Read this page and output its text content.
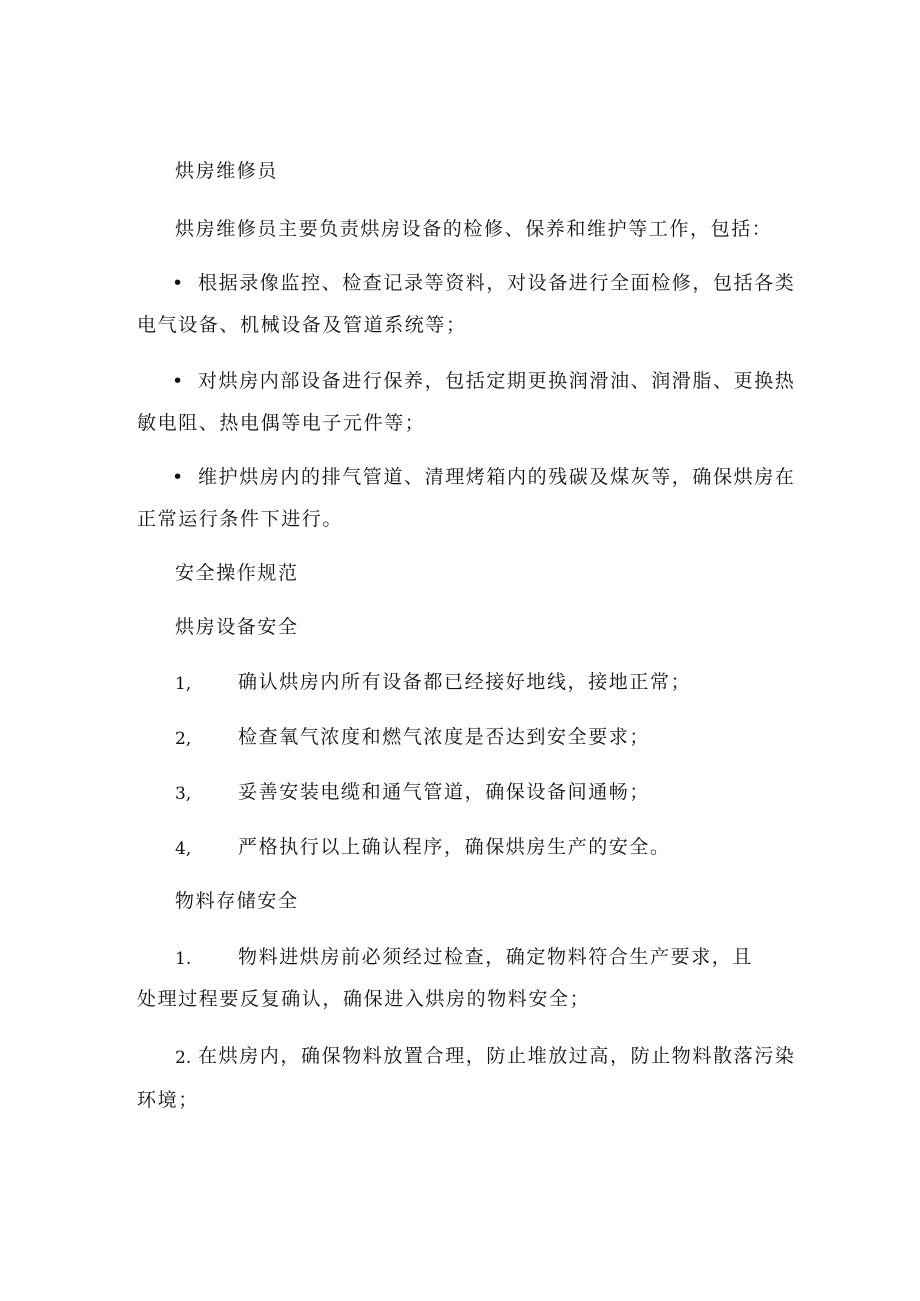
烘房维修员
烘房维修员主要负责烘房设备的检修、保养和维护等工作，包括：
• 根据录像监控、检查记录等资料，对设备进行全面检修，包括各类
电气设备、机械设备及管道系统等；
• 对烘房内部设备进行保养，包括定期更换润滑油、润滑脂、更换热
敏电阻、热电偶等电子元件等；
• 维护烘房内的排气管道、清理烤箱内的残碳及煤灰等，确保烘房在
正常运行条件下进行。
安全操作规范
烘房设备安全
1, 确认烘房内所有设备都已经接好地线，接地正常；
2, 检查氧气浓度和燃气浓度是否达到安全要求；
3, 妥善安装电缆和通气管道，确保设备间通畅；
4, 严格执行以上确认程序，确保烘房生产的安全。
物料存储安全
1. 物料进烘房前必须经过检查，确定物料符合生产要求，且
处理过程要反复确认，确保进入烘房的物料安全；
2. 在烘房内，确保物料放置合理，防止堆放过高，防止物料散落污染
环境；
